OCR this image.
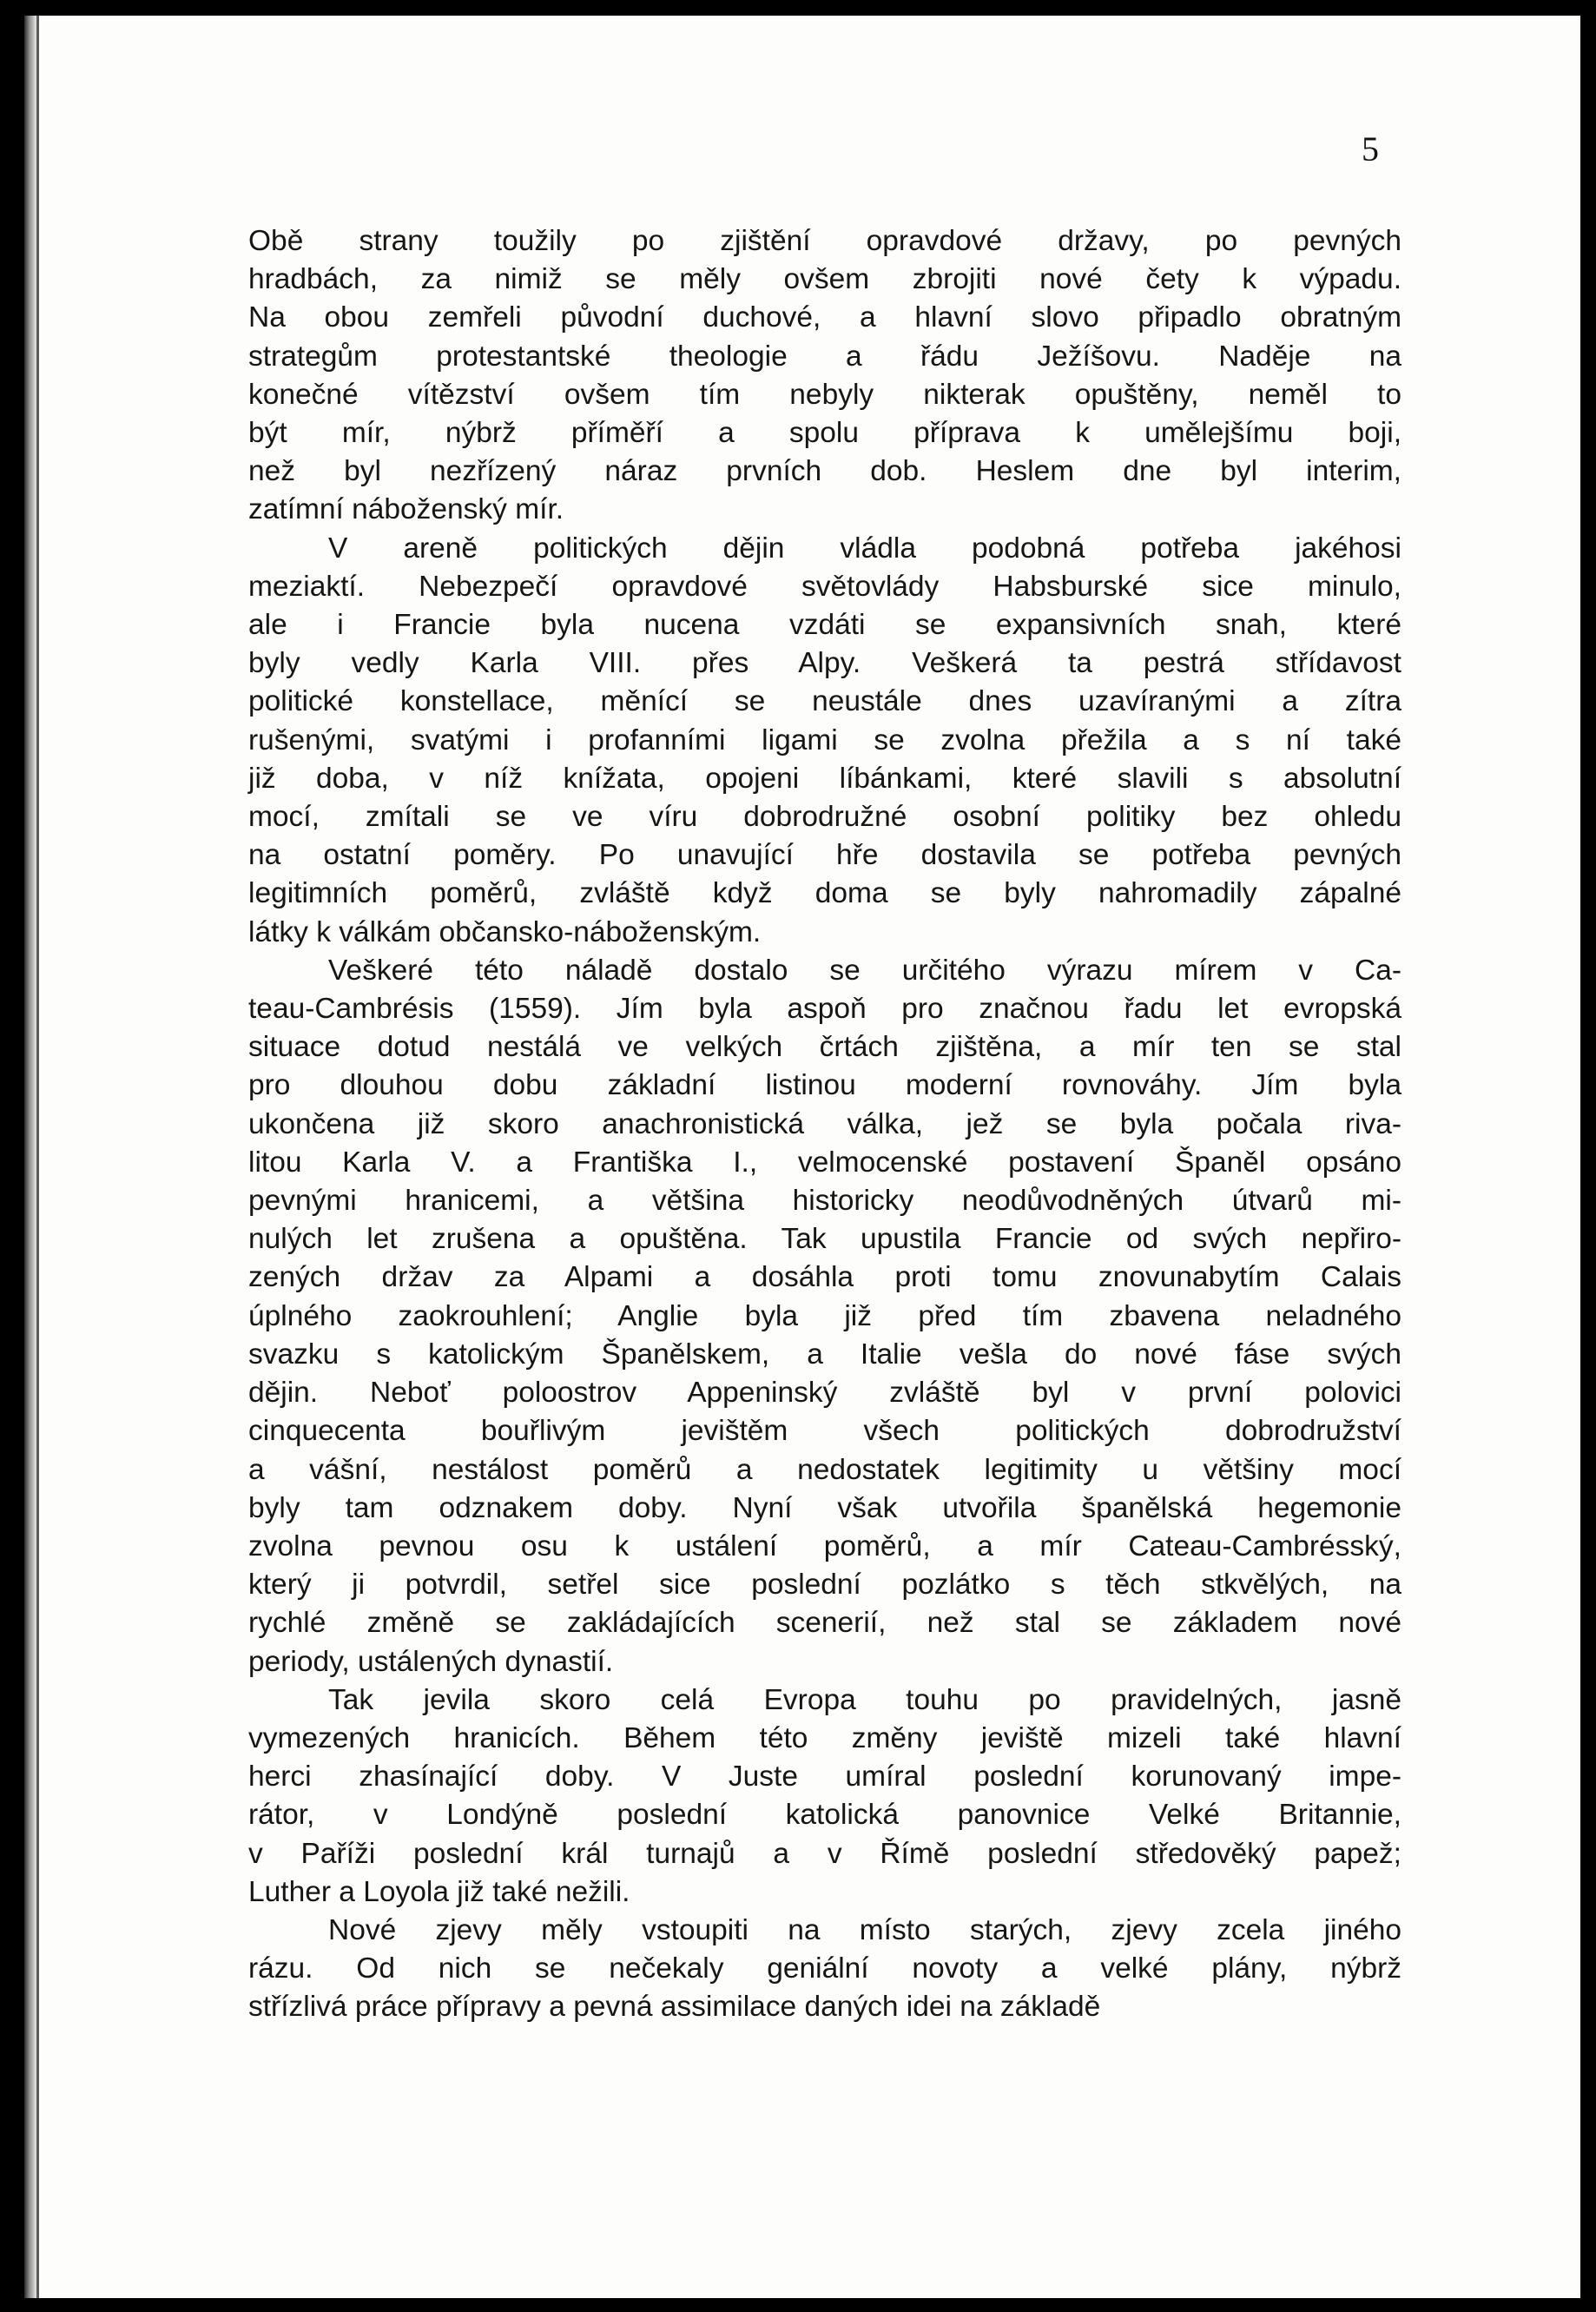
5

Obě strany toužily po zjištění opravdové državy, po pevných
hradbách, za nimiž se měly ovšem zbrojiti nové čety k výpadu.
Na obou zemřeli původní duchové, a hlavní slovo připadlo obratným
strategům protestantské theologie a řádu Ježíšovu. Naděje na
konečné vítězství ovšem tím nebyly nikterak opuštěny, neměl to
být mír, nýbrž příměří a spolu příprava k umělejšímu boji,
než byl nezřízený náraz prvních dob. Heslem dne byl interim,
zatímní náboženský mír.

V areně politických dějin vládla podobná potřeba jakéhosi
meziaktí. Nebezpečí opravdové světovlády Habsburské sice minulo,
ale i Francie byla nucena vzdáti se expansivních snah, které
byly vedly Karla VIII. přes Alpy. Veškerá ta pestrá střídavost
politické konstellace, měnící se neustále dnes uzavíranými a zítra
rušenými, svatými i profanními ligami se zvolna přežila a s ní také
již doba, v níž knížata, opojeni líbánkami, které slavili s absolutní
mocí, zmítali se ve víru dobrodružné osobní politiky bez ohledu
na ostatní poměry. Po unavující hře dostavila se potřeba pevných
legitimních poměrů, zvláště když doma se byly nahromadily zápalné
látky k válkám občansko-náboženským.

Veškeré této náladě dostalo se určitého výrazu mírem v Ca-
teau-Cambrésis (1559). Jím byla aspoň pro značnou řadu let evropská
situace dotud nestálá ve velkých črtách zjištěna, a mír ten se stal
pro dlouhou dobu základní listinou moderní rovnováhy. Jím byla
ukončena již skoro anachronistická válka, jež se byla počala riva-
litou Karla V. a Františka I., velmocenské postavení Španěl opsáno
pevnými hranicemi, a většina historicky neodůvodněných útvarů mi-
nulých let zrušena a opuštěna. Tak upustila Francie od svých nepřiro-
zených držav za Alpami a dosáhla proti tomu znovunabytím Calais
úplného zaokrouhlení; Anglie byla již před tím zbavena neladného
svazku s katolickým Španělskem, a Italie vešla do nové fáse svých
dějin. Neboť poloostrov Appeninský zvláště byl v první polovici
cinquecenta bouřlivým jevištěm všech politických dobrodružství
a vášní, nestálost poměrů a nedostatek legitimity u většiny mocí
byly tam odznakem doby. Nyní však utvořila španělská hegemonie
zvolna pevnou osu k ustálení poměrů, a mír Cateau-Cambrésský,
který ji potvrdil, setřel sice poslední pozlátko s těch stkvělých, na
rychlé změně se zakládajících scenerií, než stal se základem nové
periody, ustálených dynastií.

Tak jevila skoro celá Evropa touhu po pravidelných, jasně
vymezených hranicích. Během této změny jeviště mizeli také hlavní
herci zhasínající doby. V Juste umíral poslední korunovaný impe-
rátor, v Londýně poslední katolická panovnice Velké Britannie,
v Paříži poslední král turnajů a v Římě poslední středověký papež;
Luther a Loyola již také nežili.

Nové zjevy měly vstoupiti na místo starých, zjevy zcela jiného
rázu. Od nich se nečekaly geniální novoty a velké plány, nýbrž
střízlivá práce přípravy a pevná assimilace daných idei na základě
